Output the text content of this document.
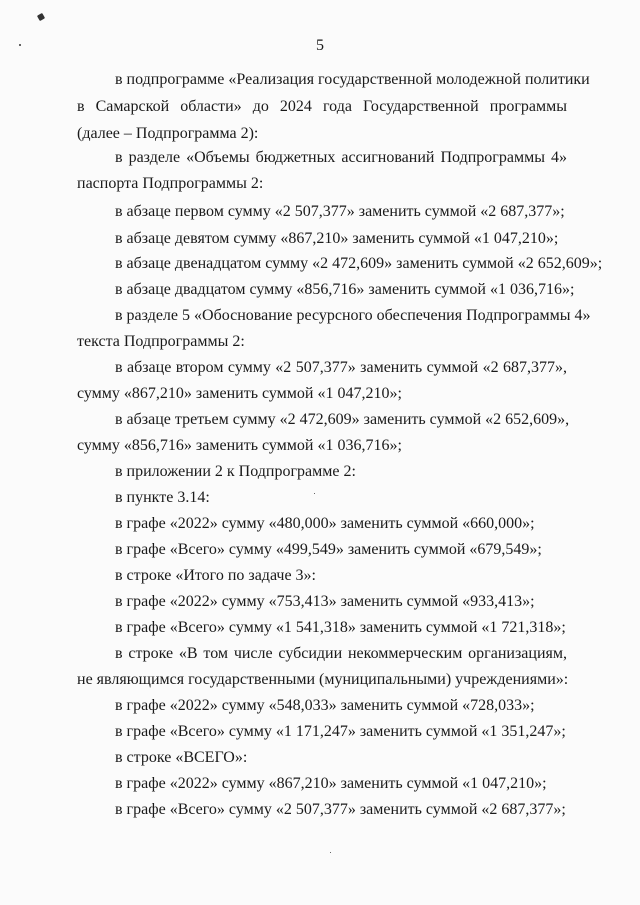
5
в подпрограмме «Реализация государственной молодежной политики
в Самарской области» до 2024 года Государственной программы
(далее – Подпрограмма 2):
в разделе «Объемы бюджетных ассигнований Подпрограммы 4»
паспорта Подпрограммы 2:
в абзаце первом сумму «2 507,377» заменить суммой «2 687,377»;
в абзаце девятом сумму «867,210» заменить суммой «1 047,210»;
в абзаце двенадцатом сумму «2 472,609» заменить суммой «2 652,609»;
в абзаце двадцатом сумму «856,716» заменить суммой «1 036,716»;
в разделе 5 «Обоснование ресурсного обеспечения Подпрограммы 4»
текста Подпрограммы 2:
в абзаце втором сумму «2 507,377» заменить суммой «2 687,377»,
сумму «867,210» заменить суммой «1 047,210»;
в абзаце третьем сумму «2 472,609» заменить суммой «2 652,609»,
сумму «856,716» заменить суммой «1 036,716»;
в приложении 2 к Подпрограмме 2:
в пункте 3.14:
в графе «2022» сумму «480,000» заменить суммой «660,000»;
в графе «Всего» сумму «499,549» заменить суммой «679,549»;
в строке «Итого по задаче 3»:
в графе «2022» сумму «753,413» заменить суммой «933,413»;
в графе «Всего» сумму «1 541,318» заменить суммой «1 721,318»;
в строке «В том числе субсидии некоммерческим организациям,
не являющимся государственными (муниципальными) учреждениями»:
в графе «2022» сумму «548,033» заменить суммой «728,033»;
в графе «Всего» сумму «1 171,247» заменить суммой «1 351,247»;
в строке «ВСЕГО»:
в графе «2022» сумму «867,210» заменить суммой «1 047,210»;
в графе «Всего» сумму «2 507,377» заменить суммой «2 687,377»;
